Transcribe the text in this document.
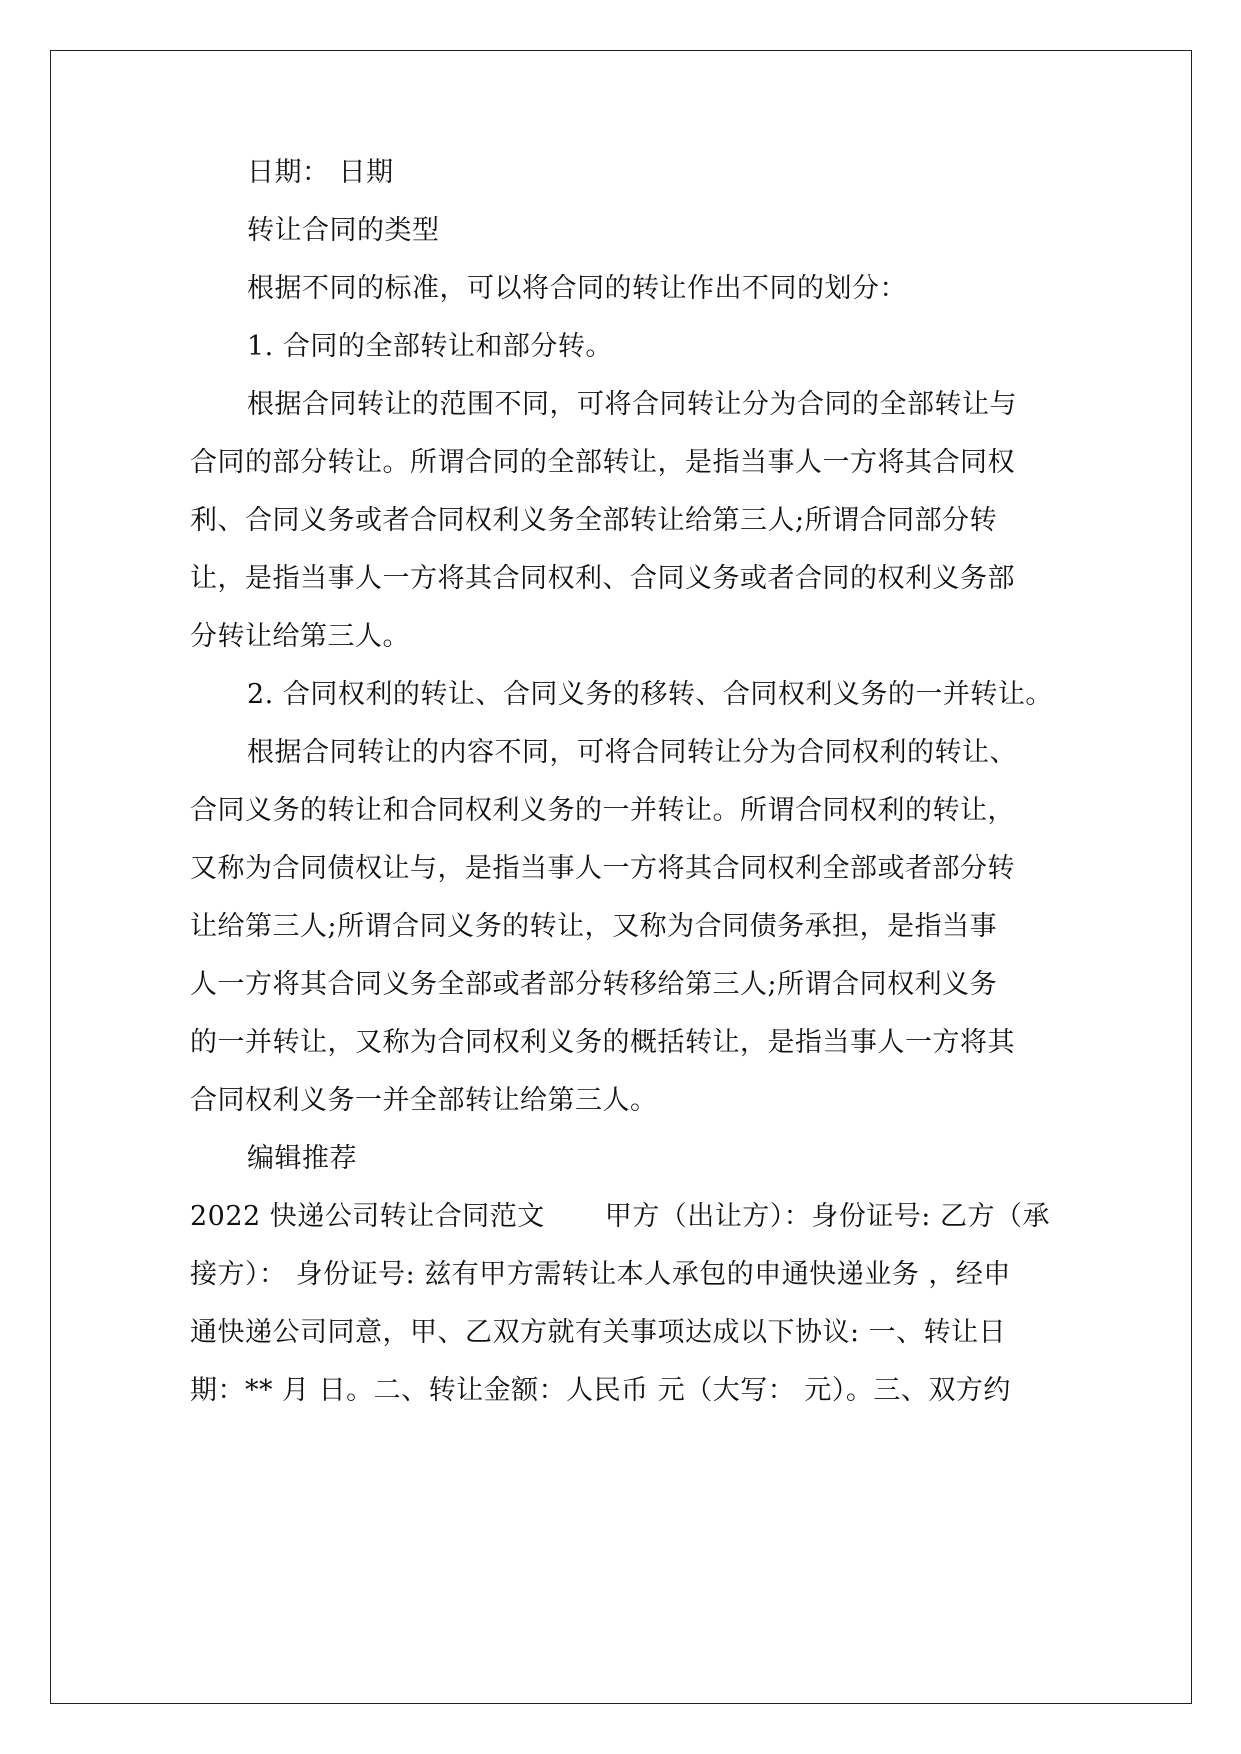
日期： 日期
转让合同的类型
根据不同的标准，可以将合同的转让作出不同的划分：
1. 合同的全部转让和部分转。
根据合同转让的范围不同，可将合同转让分为合同的全部转让与
合同的部分转让。所谓合同的全部转让，是指当事人一方将其合同权
利、合同义务或者合同权利义务全部转让给第三人;所谓合同部分转
让，是指当事人一方将其合同权利、合同义务或者合同的权利义务部
分转让给第三人。
2. 合同权利的转让、合同义务的移转、合同权利义务的一并转让。
根据合同转让的内容不同，可将合同转让分为合同权利的转让、
合同义务的转让和合同权利义务的一并转让。所谓合同权利的转让，
又称为合同债权让与，是指当事人一方将其合同权利全部或者部分转
让给第三人;所谓合同义务的转让，又称为合同债务承担，是指当事
人一方将其合同义务全部或者部分转移给第三人;所谓合同权利义务
的一并转让，又称为合同权利义务的概括转让，是指当事人一方将其
合同权利义务一并全部转让给第三人。
编辑推荐
2022 快递公司转让合同范文 甲方（出让方）：身份证号: 乙方（承
接方）： 身份证号: 兹有甲方需转让本人承包的申通快递业务 ，经申
通快递公司同意，甲、乙双方就有关事项达成以下协议: 一、转让日
期：** 月 日。二、转让金额：人民币 元（大写： 元）。三、双方约
